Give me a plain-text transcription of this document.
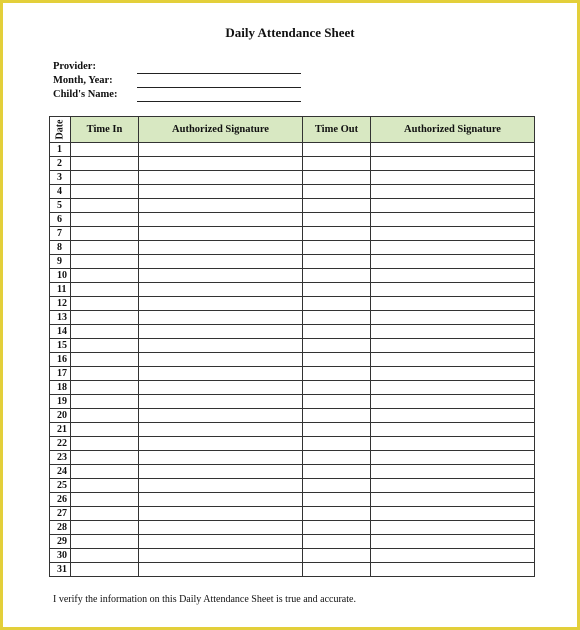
Daily Attendance Sheet
Provider:
Month, Year:
Child's Name:
Date	Time In	Authorized Signature	Time Out	Authorized Signature
1				
2				
3				
4				
5				
6				
7				
8				
9				
10				
11				
12				
13				
14				
15				
16				
17				
18				
19				
20				
21				
22				
23				
24				
25				
26				
27				
28				
29				
30				
31				
I verify the information on this Daily Attendance Sheet is true and accurate.
